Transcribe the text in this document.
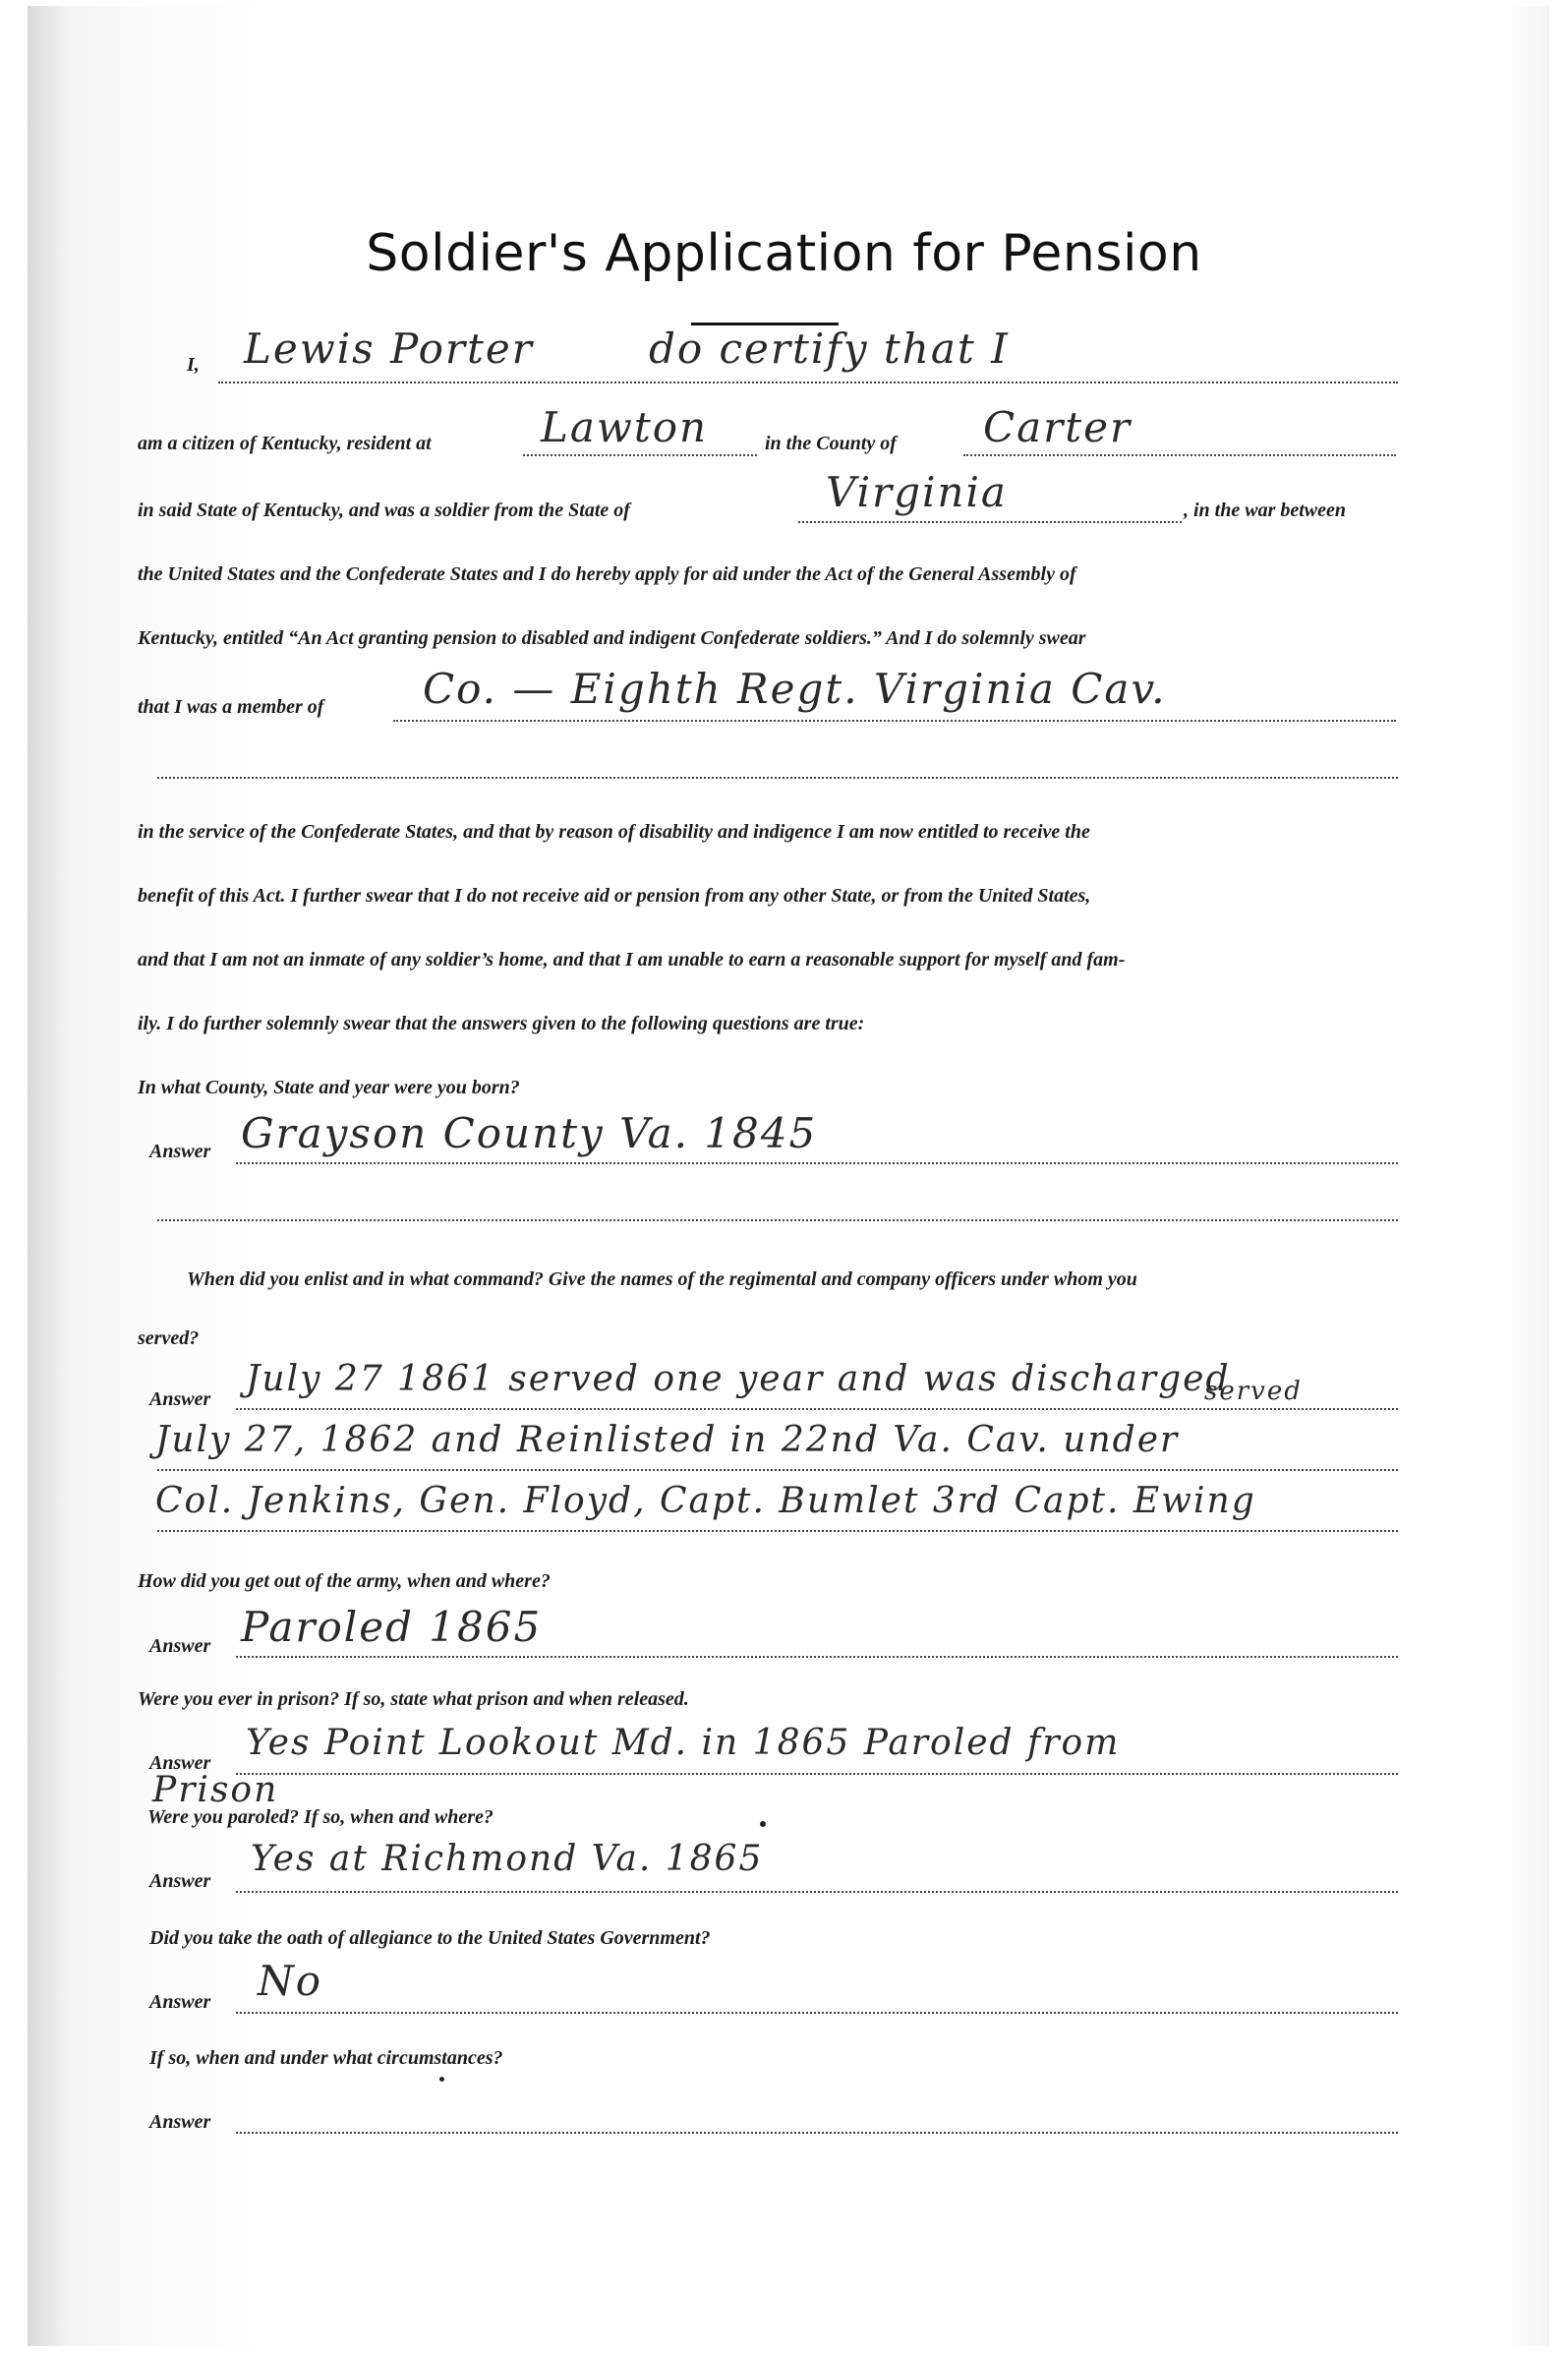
Soldier's Application for Pension
I, Lewis Porter	do certify that I
am a citizen of Kentucky, resident at	Lawton	in the County of Carter
in said State of Kentucky, and was a soldier from the State of	Virginia	, in the war between
the United States and the Confederate States and I do hereby apply for aid under the Act of the General Assembly of
Kentucky, entitled “An Act granting pension to disabled and indigent Confederate soldiers.” And I do solemnly swear
that I was a member of Co. — Eighth Regt. Virginia Cav.
in the service of the Confederate States, and that by reason of disability and indigence I am now entitled to receive the
benefit of this Act. I further swear that I do not receive aid or pension from any other State, or from the United States,
and that I am not an inmate of any soldier’s home, and that I am unable to earn a reasonable support for myself and fam-
ily. I do further solemnly swear that the answers given to the following questions are true:
In what County, State and year were you born?
Answer Grayson County Va. 1845
When did you enlist and in what command? Give the names of the regimental and company officers under whom you
served?
Answer July 27 1861 served one year and was discharged
July 27, 1862 and Reinlisted in 22nd Va. Cav. under
served
Col. Jenkins, Gen. Floyd, Capt. Bumlet 3rd Capt. Ewing
How did you get out of the army, when and where?
Answer Paroled 1865
Were you ever in prison? If so, state what prison and when released.
Answer Yes Point Lookout Md. in 1865 Paroled from
Prison
Were you paroled? If so, when and where?
Answer
Yes at Richmond Va. 1865
Did you take the oath of allegiance to the United States Government?
Answer No
If so, when and under what circumstances?
Answer
